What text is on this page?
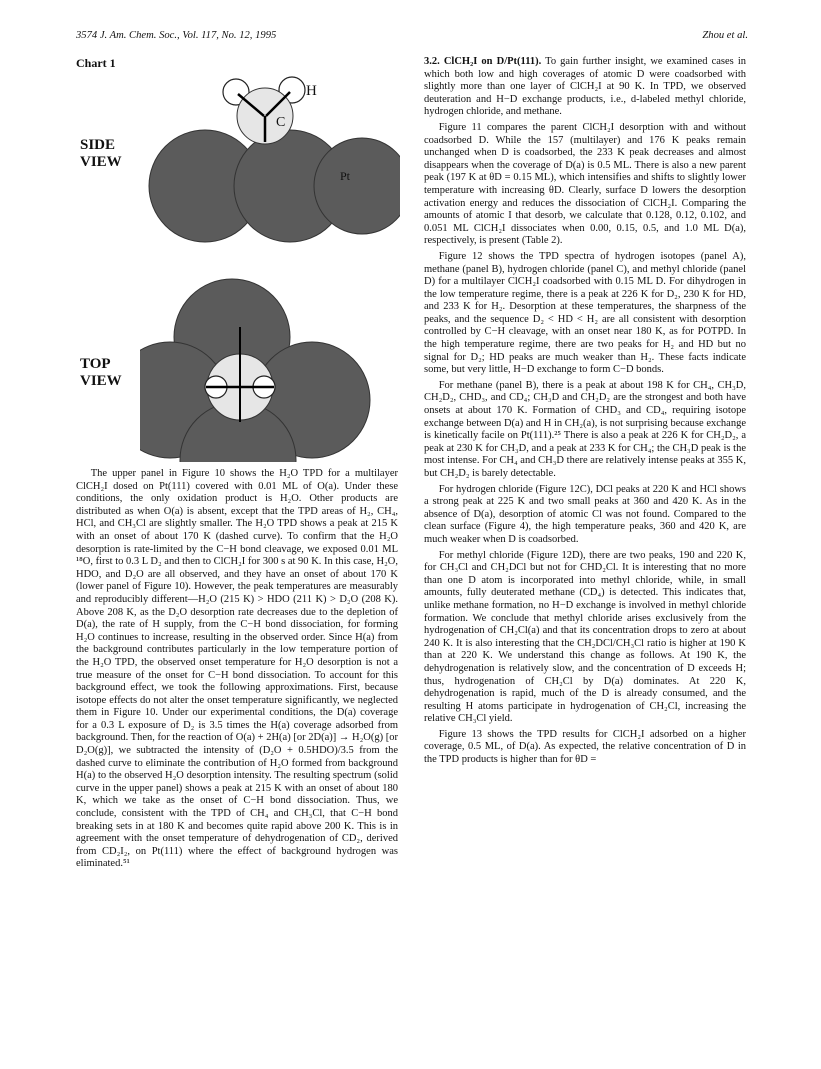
3574 J. Am. Chem. Soc., Vol. 117, No. 12, 1995	Zhou et al.
Chart 1
SIDE
VIEW
TOP
VIEW
H
C
Pt

The upper panel in Figure 10 shows the H₂O TPD for a multilayer ClCH₂I dosed on Pt(111) covered with 0.01 ML of O(a). Under these conditions, the only oxidation product is H₂O. Other products are distributed as when O(a) is absent, except that the TPD areas of H₂, CH₄, HCl, and CH₃Cl are slightly smaller. The H₂O TPD shows a peak at 215 K with an onset of about 170 K (dashed curve). To confirm that the H₂O desorption is rate-limited by the C−H bond cleavage, we exposed 0.01 ML ¹⁸O, first to 0.3 L D₂ and then to ClCH₂I for 300 s at 90 K. In this case, H₂O, HDO, and D₂O are all observed, and they have an onset of about 170 K (lower panel of Figure 10). However, the peak temperatures are measurably and reproducibly different—H₂O (215 K) > HDO (211 K) > D₂O (208 K). Above 208 K, as the D₂O desorption rate decreases due to the depletion of D(a), the rate of H supply, from the C−H bond dissociation, for forming H₂O continues to increase, resulting in the observed order. Since H(a) from the background contributes particularly in the low temperature portion of the H₂O TPD, the observed onset temperature for H₂O desorption is not a true measure of the onset for C−H bond dissociation. To account for this background effect, we took the following approximations. First, because isotope effects do not alter the onset temperature significantly, we neglected them in Figure 10. Under our experimental conditions, the D(a) coverage for a 0.3 L exposure of D₂ is 3.5 times the H(a) coverage adsorbed from background. Then, for the reaction of O(a) + 2H(a) [or 2D(a)] → H₂O(g) [or D₂O(g)], we subtracted the intensity of (D₂O + 0.5HDO)/3.5 from the dashed curve to eliminate the contribution of H₂O formed from background H(a) to the observed H₂O desorption intensity. The resulting spectrum (solid curve in the upper panel) shows a peak at 215 K with an onset of about 180 K, which we take as the onset of C−H bond dissociation. Thus, we conclude, consistent with the TPD of CH₄ and CH₃Cl, that C−H bond breaking sets in at 180 K and becomes quite rapid above 200 K. This is in agreement with the onset temperature of dehydrogenation of CD₂, derived from CD₂I₂, on Pt(111) where the effect of background hydrogen was eliminated.⁵¹

3.2. ClCH₂I on D/Pt(111). To gain further insight, we examined cases in which both low and high coverages of atomic D were coadsorbed with slightly more than one layer of ClCH₂I at 90 K. In TPD, we observed deuteration and H−D exchange products, i.e., d-labeled methyl chloride, hydrogen chloride, and methane.

Figure 11 compares the parent ClCH₂I desorption with and without coadsorbed D. While the 157 (multilayer) and 176 K peaks remain unchanged when D is coadsorbed, the 233 K peak decreases and almost disappears when the coverage of D(a) is 0.5 ML. There is also a new parent peak (197 K at θD = 0.15 ML), which intensifies and shifts to slightly lower temperature with increasing θD. Clearly, surface D lowers the desorption activation energy and reduces the dissociation of ClCH₂I. Comparing the amounts of atomic I that desorb, we calculate that 0.128, 0.12, 0.102, and 0.051 ML ClCH₂I dissociates when 0.00, 0.15, 0.5, and 1.0 ML D(a), respectively, is present (Table 2).

Figure 12 shows the TPD spectra of hydrogen isotopes (panel A), methane (panel B), hydrogen chloride (panel C), and methyl chloride (panel D) for a multilayer ClCH₂I coadsorbed with 0.15 ML D. For dihydrogen in the low temperature regime, there is a peak at 226 K for D₂, 230 K for HD, and 233 K for H₂. Desorption at these temperatures, the sharpness of the peaks, and the sequence D₂ < HD < H₂ are all consistent with desorption controlled by C−H cleavage, with an onset near 180 K, as for POTPD. In the high temperature regime, there are two peaks for H₂ and HD but no signal for D₂; HD peaks are much weaker than H₂. These facts indicate some, but very little, H−D exchange to form C−D bonds.

For methane (panel B), there is a peak at about 198 K for CH₄, CH₃D, CH₂D₂, CHD₃, and CD₄; CH₃D and CH₂D₂ are the strongest and both have onsets at about 170 K. Formation of CHD₃ and CD₄, requiring isotope exchange between D(a) and H in CH₂(a), is not surprising because exchange is kinetically facile on Pt(111).²⁵ There is also a peak at 226 K for CH₂D₂, a peak at 230 K for CH₃D, and a peak at 233 K for CH₄; the CH₃D peak is the most intense. For CH₄ and CH₃D there are relatively intense peaks at 355 K, but CH₂D₂ is barely detectable.

For hydrogen chloride (Figure 12C), DCl peaks at 220 K and HCl shows a strong peak at 225 K and two small peaks at 360 and 420 K. As in the absence of D(a), desorption of atomic Cl was not found. Compared to the clean surface (Figure 4), the high temperature peaks, 360 and 420 K, are much weaker when D is coadsorbed.

For methyl chloride (Figure 12D), there are two peaks, 190 and 220 K, for CH₃Cl and CH₂DCl but not for CHD₂Cl. It is interesting that no more than one D atom is incorporated into methyl chloride, while, in small amounts, fully deuterated methane (CD₄) is detected. This indicates that, unlike methane formation, no H−D exchange is involved in methyl chloride formation. We conclude that methyl chloride arises exclusively from the hydrogenation of CH₂Cl(a) and that its concentration drops to zero at about 240 K. It is also interesting that the CH₂DCl/CH₃Cl ratio is higher at 190 K than at 220 K. We understand this change as follows. At 190 K, the dehydrogenation is relatively slow, and the concentration of D exceeds H; thus, hydrogenation of CH₂Cl by D(a) dominates. At 220 K, dehydrogenation is rapid, much of the D is already consumed, and the resulting H atoms participate in hydrogenation of CH₂Cl, increasing the relative CH₃Cl yield.

Figure 13 shows the TPD results for ClCH₂I adsorbed on a higher coverage, 0.5 ML, of D(a). As expected, the relative concentration of D in the TPD products is higher than for θD =
